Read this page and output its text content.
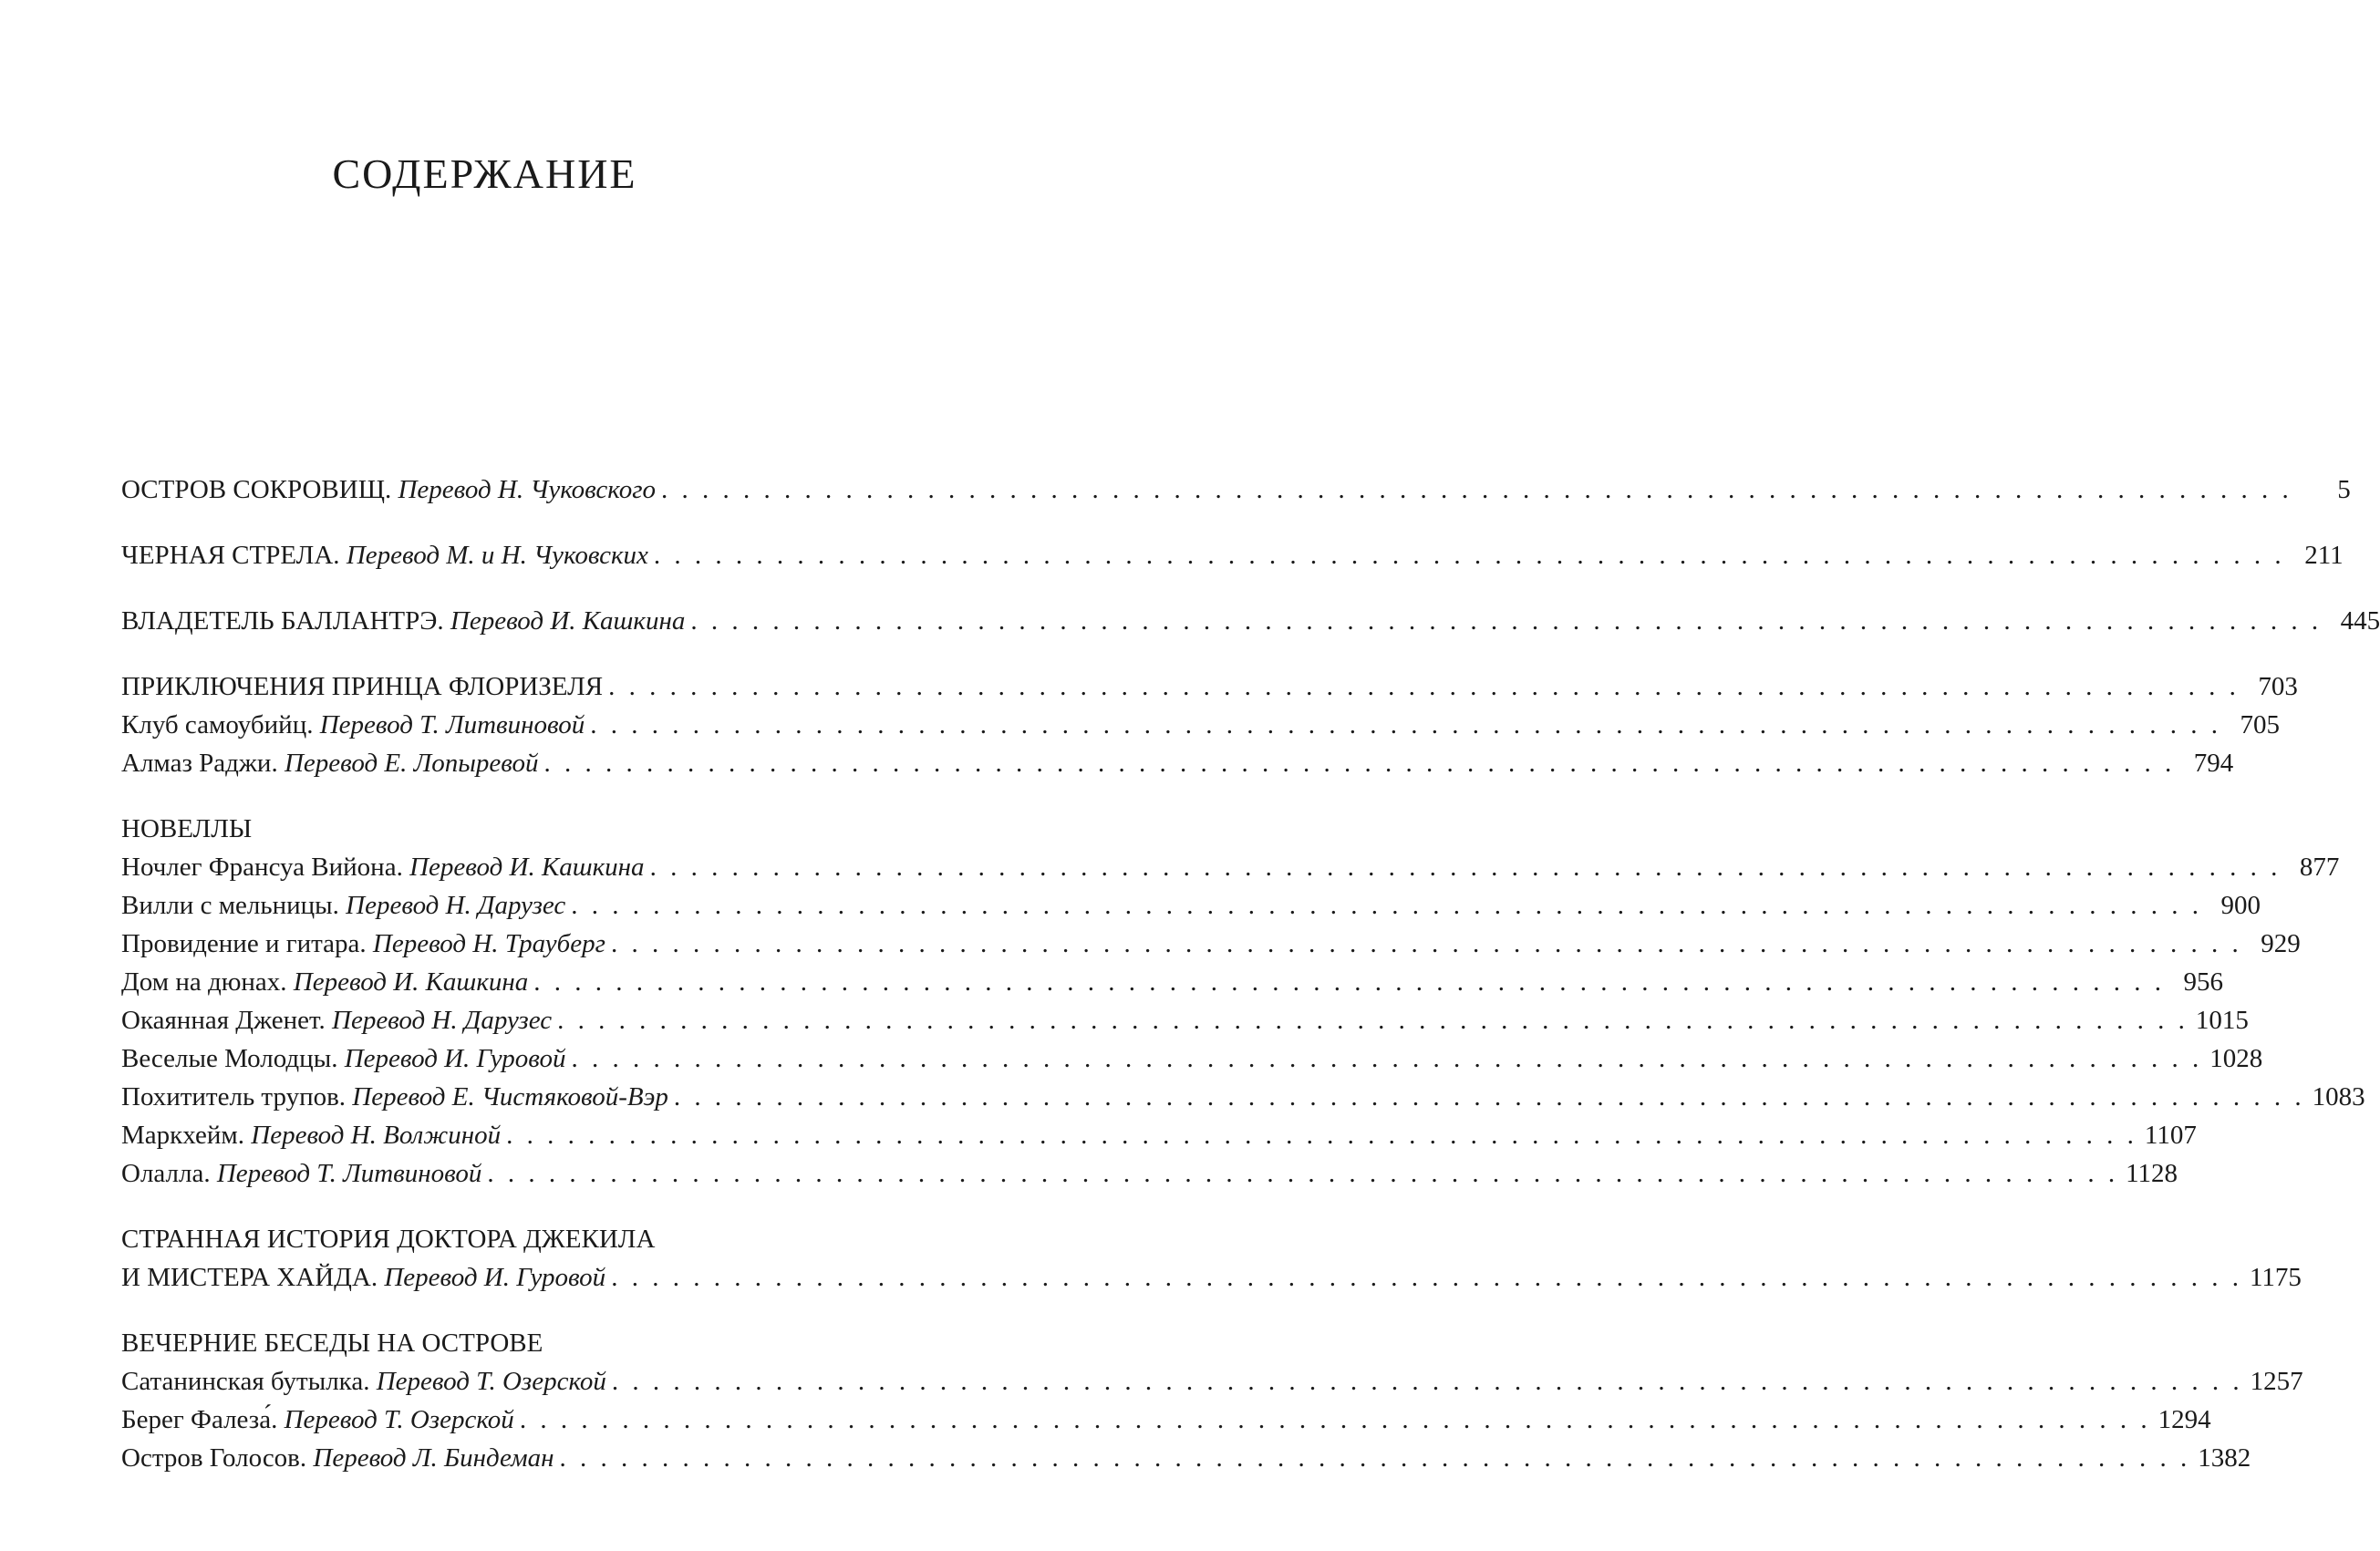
СОДЕРЖАНИЕ
ОСТРОВ СОКРОВИЩ. Перевод Н. Чуковского . . . . . . . . . . . . . . . . . . . . . . . . . . . . . . . . . . . . . . . . . . . . . . . . . . . . . . . . . . . . . . . . . . . . . . . . . . . . . . . .	5
ЧЕРНАЯ СТРЕЛА. Перевод М. и Н. Чуковских . . . . . . . . . . . . . . . . . . . . . . . . . . . . . . . . . . . . . . . . . . . . . . . . . . . . . . . . . . . . . . . . . . . . . . . . . . . . . . . . 211
ВЛАДЕТЕЛЬ БАЛЛАНТРЭ. Перевод И. Кашкина . . . . . . . . . . . . . . . . . . . . . . . . . . . . . . . . . . . . . . . . . . . . . . . . . . . . . . . . . . . . . . . . . . . . . . . . . . . . . . . . 445
ПРИКЛЮЧЕНИЯ ПРИНЦА ФЛОРИЗЕЛЯ . . . . . . . . . . . . . . . . . . . . . . . . . . . . . . . . . . . . . . . . . . . . . . . . . . . . . . . . . . . . . . . . . . . . . . . . . . . . . . . . 703
Клуб самоубийц. Перевод Т. Литвиновой . . . . . . . . . . . . . . . . . . . . . . . . . . . . . . . . . . . . . . . . . . . . . . . . . . . . . . . . . . . . . . . . . . . . . . . . . . . . . . . . 705
Алмаз Раджи. Перевод Е. Лопыревой . . . . . . . . . . . . . . . . . . . . . . . . . . . . . . . . . . . . . . . . . . . . . . . . . . . . . . . . . . . . . . . . . . . . . . . . . . . . . . . . 794
НОВЕЛЛЫ
Ночлег Франсуа Вийона. Перевод И. Кашкина . . . . . . . . . . . . . . . . . . . . . . . . . . . . . . . . . . . . . . . . . . . . . . . . . . . . . . . . . . . . . . . . . . . . . . . . . . . . . . . . 877
Вилли с мельницы. Перевод Н. Дарузес . . . . . . . . . . . . . . . . . . . . . . . . . . . . . . . . . . . . . . . . . . . . . . . . . . . . . . . . . . . . . . . . . . . . . . . . . . . . . . . . 900
Провидение и гитара. Перевод Н. Трауберг . . . . . . . . . . . . . . . . . . . . . . . . . . . . . . . . . . . . . . . . . . . . . . . . . . . . . . . . . . . . . . . . . . . . . . . . . . . . . . . . 929
Дом на дюнах. Перевод И. Кашкина . . . . . . . . . . . . . . . . . . . . . . . . . . . . . . . . . . . . . . . . . . . . . . . . . . . . . . . . . . . . . . . . . . . . . . . . . . . . . . . . 956
Окаянная Дженет. Перевод Н. Дарузес . . . . . . . . . . . . . . . . . . . . . . . . . . . . . . . . . . . . . . . . . . . . . . . . . . . . . . . . . . . . . . . . . . . . . . . . . . . . . . . . 1015
Веселые Молодцы. Перевод И. Гуровой . . . . . . . . . . . . . . . . . . . . . . . . . . . . . . . . . . . . . . . . . . . . . . . . . . . . . . . . . . . . . . . . . . . . . . . . . . . . . . . . 1028
Похититель трупов. Перевод Е. Чистяковой-Вэр . . . . . . . . . . . . . . . . . . . . . . . . . . . . . . . . . . . . . . . . . . . . . . . . . . . . . . . . . . . . . . . . . . . . . . . . . . . . . . . . 1083
Маркхейм. Перевод Н. Волжиной . . . . . . . . . . . . . . . . . . . . . . . . . . . . . . . . . . . . . . . . . . . . . . . . . . . . . . . . . . . . . . . . . . . . . . . . . . . . . . . . 1107
Олалла. Перевод Т. Литвиновой . . . . . . . . . . . . . . . . . . . . . . . . . . . . . . . . . . . . . . . . . . . . . . . . . . . . . . . . . . . . . . . . . . . . . . . . . . . . . . . . 1128
СТРАННАЯ ИСТОРИЯ ДОКТОРА ДЖЕКИЛА
И МИСТЕРА ХАЙДА. Перевод И. Гуровой . . . . . . . . . . . . . . . . . . . . . . . . . . . . . . . . . . . . . . . . . . . . . . . . . . . . . . . . . . . . . . . . . . . . . . . . . . . . . . . . 1175
ВЕЧЕРНИЕ БЕСЕДЫ НА ОСТРОВЕ
Сатанинская бутылка. Перевод Т. Озерской . . . . . . . . . . . . . . . . . . . . . . . . . . . . . . . . . . . . . . . . . . . . . . . . . . . . . . . . . . . . . . . . . . . . . . . . . . . . . . . . 1257
Берег Фалеза́. Перевод Т. Озерской . . . . . . . . . . . . . . . . . . . . . . . . . . . . . . . . . . . . . . . . . . . . . . . . . . . . . . . . . . . . . . . . . . . . . . . . . . . . . . . . 1294
Остров Голосов. Перевод Л. Биндеман . . . . . . . . . . . . . . . . . . . . . . . . . . . . . . . . . . . . . . . . . . . . . . . . . . . . . . . . . . . . . . . . . . . . . . . . . . . . . . . . 1382
